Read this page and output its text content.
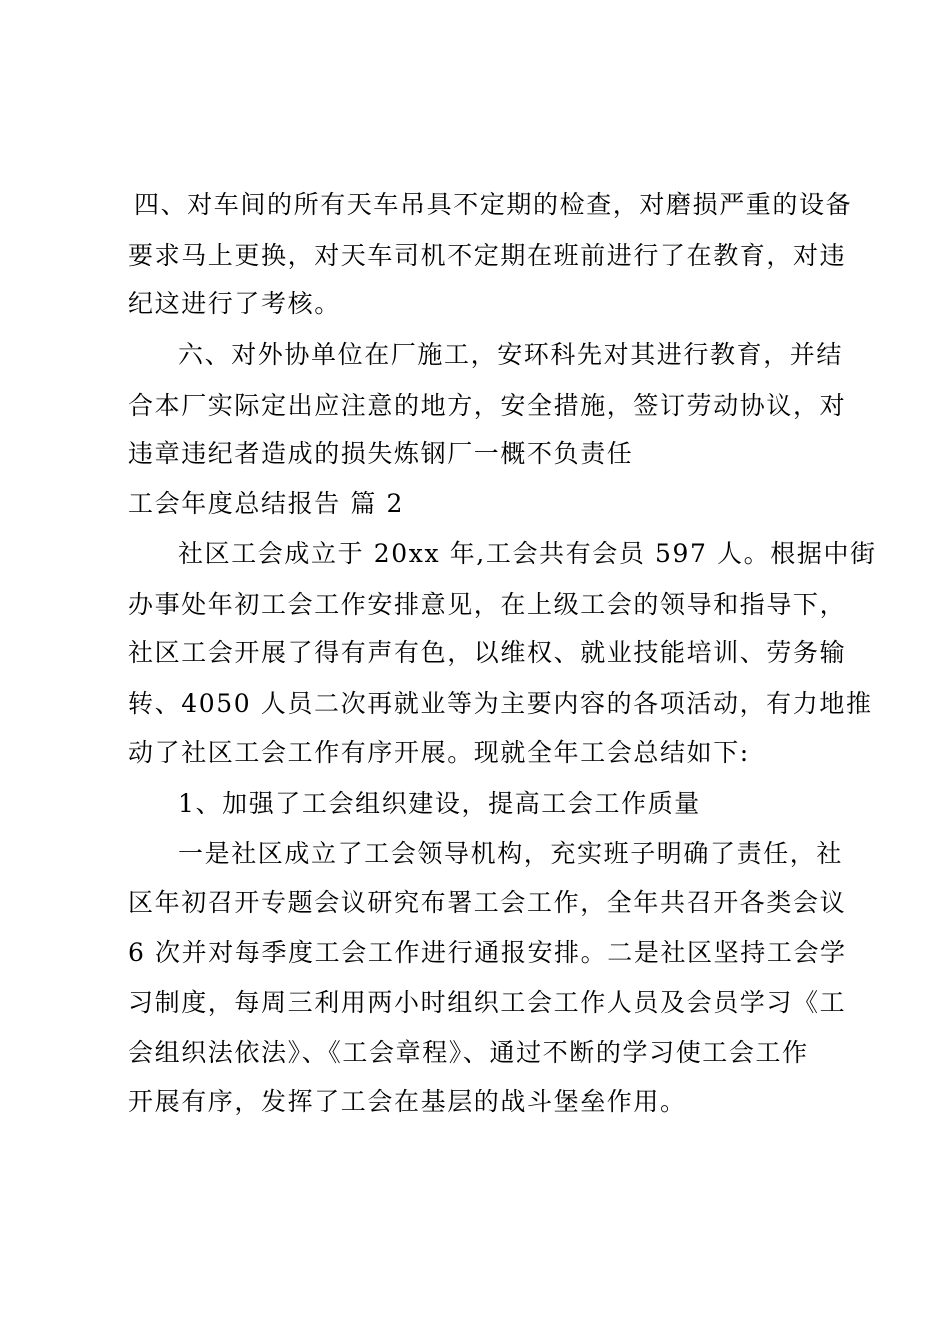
四、对车间的所有天车吊具不定期的检查，对磨损严重的设备
要求马上更换，对天车司机不定期在班前进行了在教育，对违
纪这进行了考核。
六、对外协单位在厂施工，安环科先对其进行教育，并结
合本厂实际定出应注意的地方，安全措施，签订劳动协议，对
违章违纪者造成的损失炼钢厂一概不负责任
工会年度总结报告 篇 2
社区工会成立于 20xx 年,工会共有会员 597 人。根据中街
办事处年初工会工作安排意见，在上级工会的领导和指导下，
社区工会开展了得有声有色，以维权、就业技能培训、劳务输
转、4050 人员二次再就业等为主要内容的各项活动，有力地推
动了社区工会工作有序开展。现就全年工会总结如下:
1、加强了工会组织建设，提高工会工作质量
一是社区成立了工会领导机构，充实班子明确了责任，社
区年初召开专题会议研究布署工会工作，全年共召开各类会议
6 次并对每季度工会工作进行通报安排。二是社区坚持工会学
习制度，每周三利用两小时组织工会工作人员及会员学习《工
会组织法依法》、《工会章程》、通过不断的学习使工会工作
开展有序，发挥了工会在基层的战斗堡垒作用。
